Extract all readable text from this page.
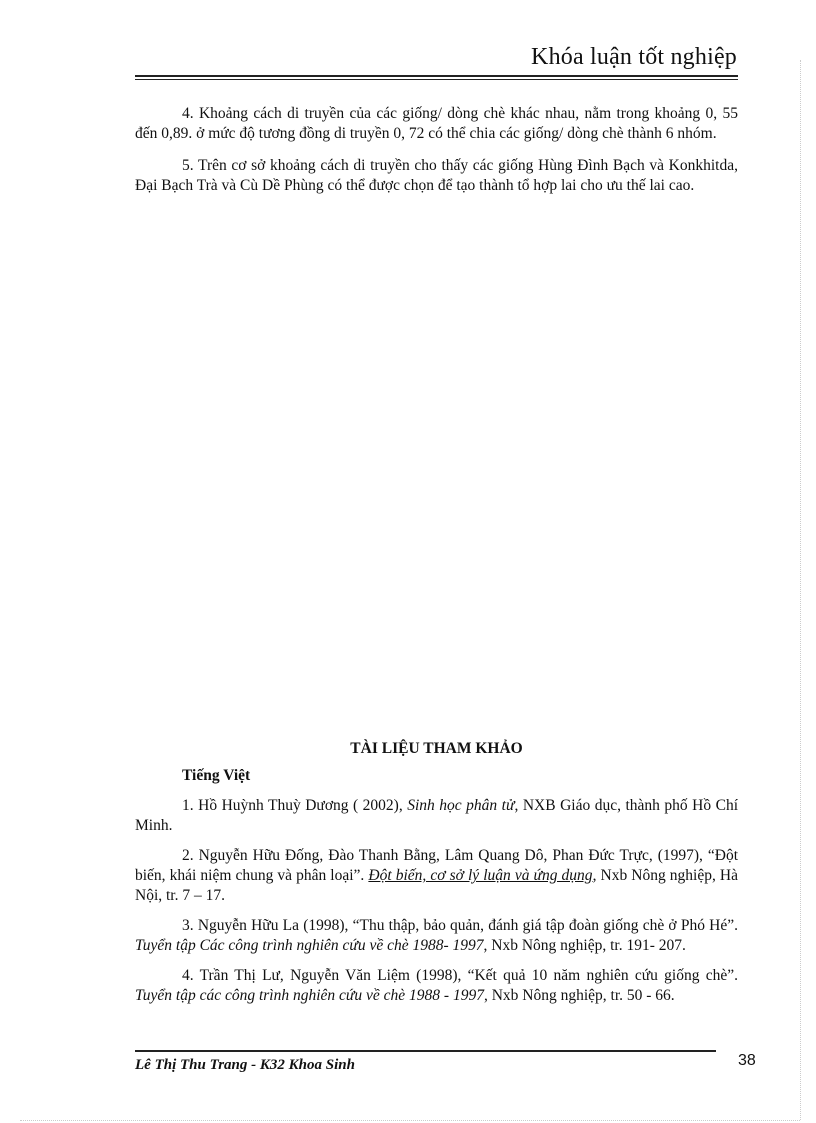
Khóa luận tốt nghiệp

4. Khoảng cách di truyền của các giống/ dòng chè khác nhau, nằm trong khoảng 0, 55 đến 0,89. ở mức độ tương đồng di truyền 0, 72 có thể chia các giống/ dòng chè thành 6 nhóm.

5. Trên cơ sở khoảng cách di truyền cho thấy các giống Hùng Đình Bạch và Konkhitda, Đại Bạch Trà và Cù Dề Phùng có thể được chọn để tạo thành tổ hợp lai cho ưu thế lai cao.

TÀI LIỆU THAM KHẢO
Tiếng Việt

1. Hồ Huỳnh Thuỳ Dương ( 2002), Sinh học phân tử, NXB Giáo dục, thành phố Hồ Chí Minh.

2. Nguyễn Hữu Đống, Đào Thanh Bằng, Lâm Quang Dô, Phan Đức Trực, (1997), “Đột biến, khái niệm chung và phân loại”. Đột biến, cơ sở lý luận và ứng dụng, Nxb Nông nghiệp, Hà Nội, tr. 7 – 17.

3. Nguyễn Hữu La (1998), “Thu thập, bảo quản, đánh giá tập đoàn giống chè ở Phó Hé”. Tuyển tập Các công trình nghiên cứu về chè 1988- 1997, Nxb Nông nghiệp, tr. 191- 207.

4. Trần Thị Lư, Nguyễn Văn Liệm (1998), “Kết quả 10 năm nghiên cứu giống chè”. Tuyển tập các công trình nghiên cứu về chè 1988 - 1997, Nxb Nông nghiệp, tr. 50 - 66.

Lê Thị Thu Trang - K32 Khoa Sinh	38
